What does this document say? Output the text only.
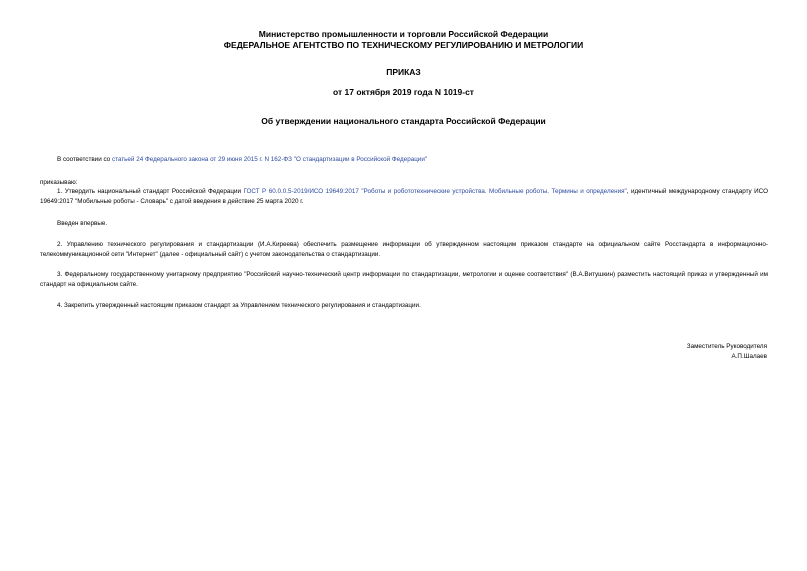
Министерство промышленности и торговли Российской Федерации
ФЕДЕРАЛЬНОЕ АГЕНТСТВО ПО ТЕХНИЧЕСКОМУ РЕГУЛИРОВАНИЮ И МЕТРОЛОГИИ
ПРИКАЗ
от 17 октября 2019 года N 1019-ст
Об утверждении национального стандарта Российской Федерации
В соответствии со статьей 24 Федерального закона от 29 июня 2015 г. N 162-ФЗ "О стандартизации в Российской Федерации"
приказываю:
1. Утвердить национальный стандарт Российской Федерации ГОСТ Р 60.0.0.5-2019/ИСО 19649:2017 "Роботы и робототехнические устройства. Мобильные роботы. Термины и определения", идентичный международному стандарту ИСО 19649:2017 "Мобильные роботы - Словарь" с датой введения в действие 25 марта 2020 г.
Введен впервые.
2. Управлению технического регулирования и стандартизации (И.А.Киреева) обеспечить размещение информации об утвержденном настоящим приказом стандарте на официальном сайте Росстандарта в информационно-телекоммуникационной сети "Интернет" (далее - официальный сайт) с учетом законодательства о стандартизации.
3. Федеральному государственному унитарному предприятию "Российский научно-технический центр информации по стандартизации, метрологии и оценке соответствия" (В.А.Витушкин) разместить настоящий приказ и утвержденный им стандарт на официальном сайте.
4. Закрепить утвержденный настоящим приказом стандарт за Управлением технического регулирования и стандартизации.
Заместитель Руководителя
А.П.Шалаев
